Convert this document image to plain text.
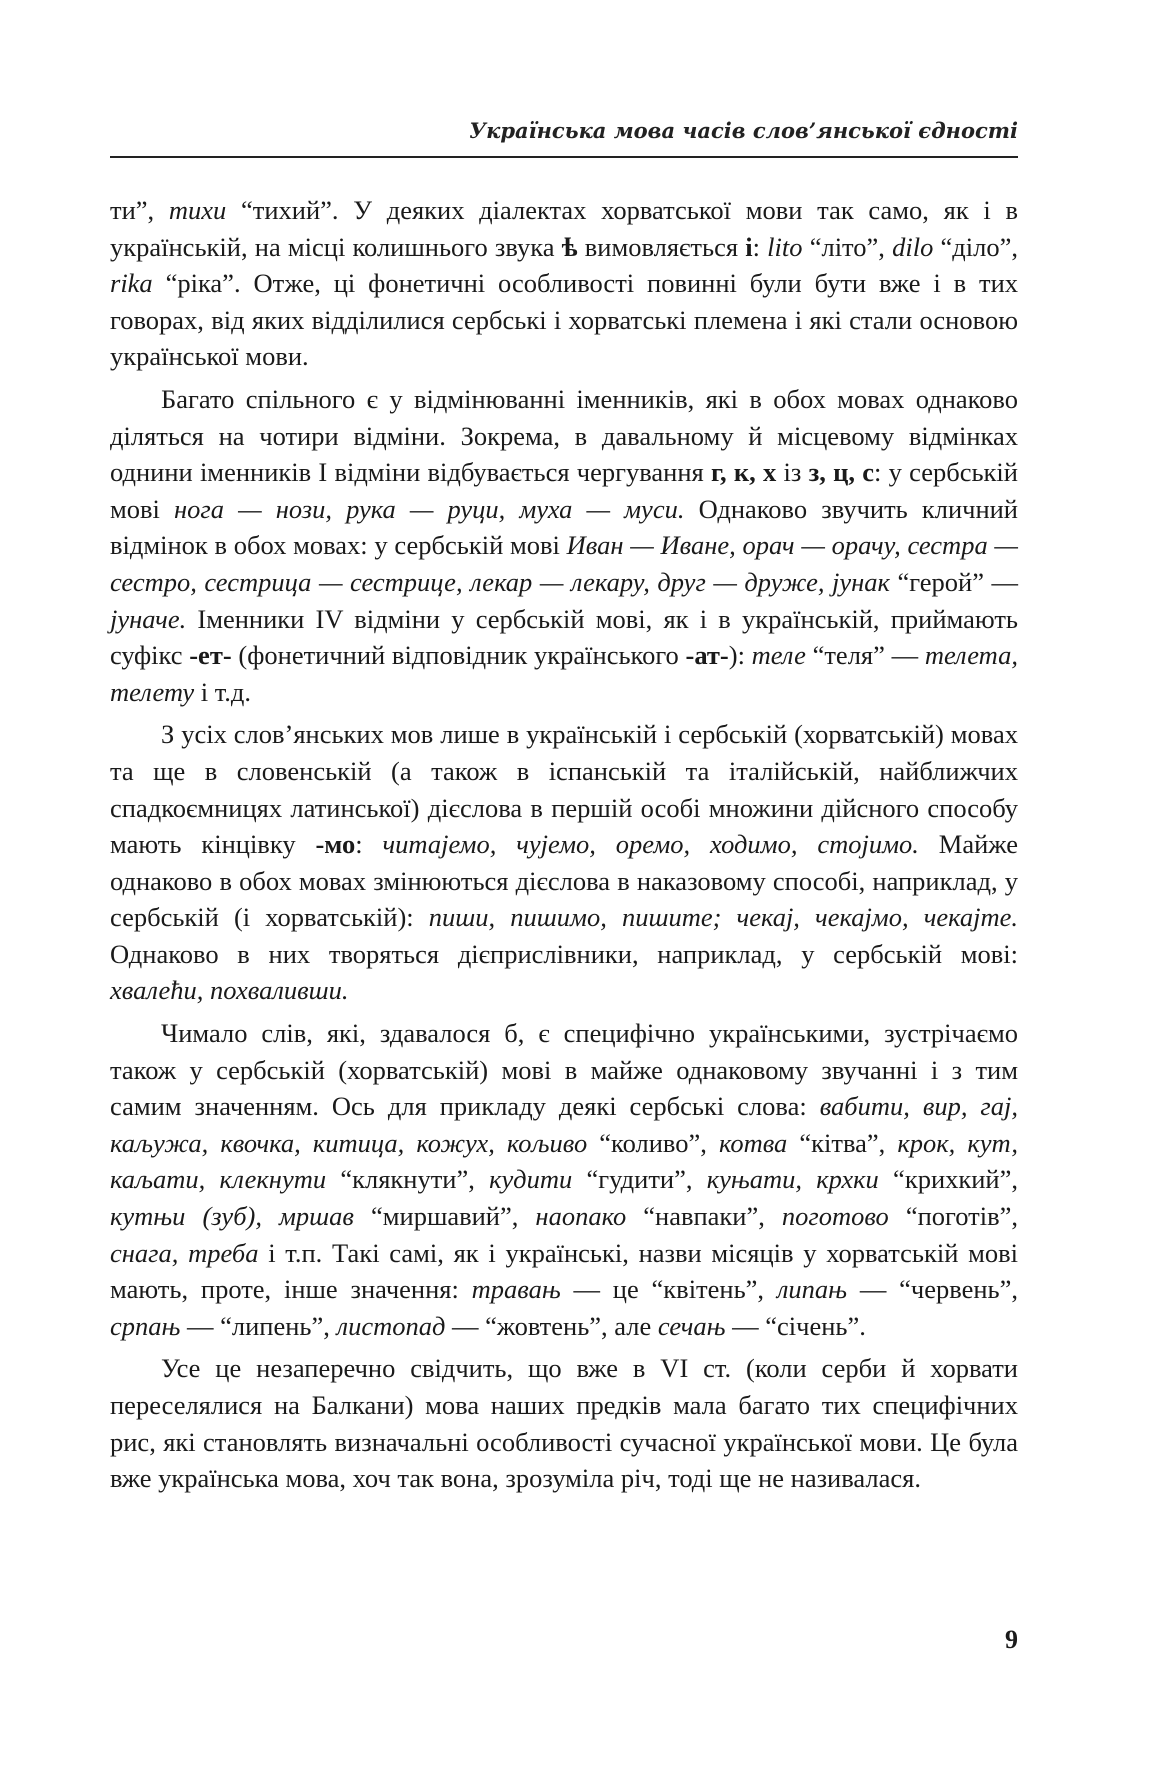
Українська мова часів слов’янської єдності

ти”, тихи “тихий”. У деяких діалектах хорватської мови так само, як і в українській, на місці колишнього звука ѣ вимовляється і: lito “літо”, dilo “діло”, rika “ріка”. Отже, ці фонетичні особливості повинні були бути вже і в тих говорах, від яких відділилися сербські і хорватські племена і які стали основою української мови.

Багато спільного є у відмінюванні іменників, які в обох мовах однаково діляться на чотири відміни. Зокрема, в давальному й місцевому відмінках однини іменників І відміни відбувається чергування г, к, х із з, ц, с: у сербській мові нога — нози, рука — руци, муха — муси. Однаково звучить кличний відмінок в обох мовах: у сербській мові Иван — Иване, орач — орачу, сестра — сестро, сестрица — сестрице, лекар — лекару, друг — друже, јунак “герой” — јуначе. Іменники IV відміни у сербській мові, як і в українській, приймають суфікс -ет- (фонетичний відповідник українського -ат-): теле “теля” — телета, телету і т.д.

З усіх слов’янських мов лише в українській і сербській (хорватській) мовах та ще в словенській (а також в іспанській та італійській, найближчих спадкоємницях латинської) дієслова в першій особі множини дійсного способу мають кінцівку -мо: читајемо, чујемо, оремо, ходимо, стојимо. Майже однаково в обох мовах змінюються дієслова в наказовому способі, наприклад, у сербській (і хорватській): пиши, пишимо, пишите; чекај, чекајмо, чекајте. Однаково в них творяться дієприслівники, наприклад, у сербській мові: хвалећи, похваливши.

Чимало слів, які, здавалося б, є специфічно українськими, зустрічаємо також у сербській (хорватській) мові в майже однаковому звучанні і з тим самим значенням. Ось для прикладу деякі сербські слова: вабити, вир, гај, каљужа, квочка, китица, кожух, кољиво “коливо”, котва “кітва”, крок, кут, каљати, клекнути “клякнути”, кудити “гудити”, куњати, крхки “крихкий”, кутњи (зуб), мршав “миршавий”, наопако “навпаки”, поготово “поготів”, снага, треба і т.п. Такі самі, як і українські, назви місяців у хорватській мові мають, проте, інше значення: травањ — це “квітень”, липањ — “червень”, српањ — “липень”, листопад — “жовтень”, але сечањ — “січень”.

Усе це незаперечно свідчить, що вже в VI ст. (коли серби й хорвати переселялися на Балкани) мова наших предків мала багато тих специфічних рис, які становлять визначальні особливості сучасної української мови. Це була вже українська мова, хоч так вона, зрозуміла річ, тоді ще не називалася.

9
